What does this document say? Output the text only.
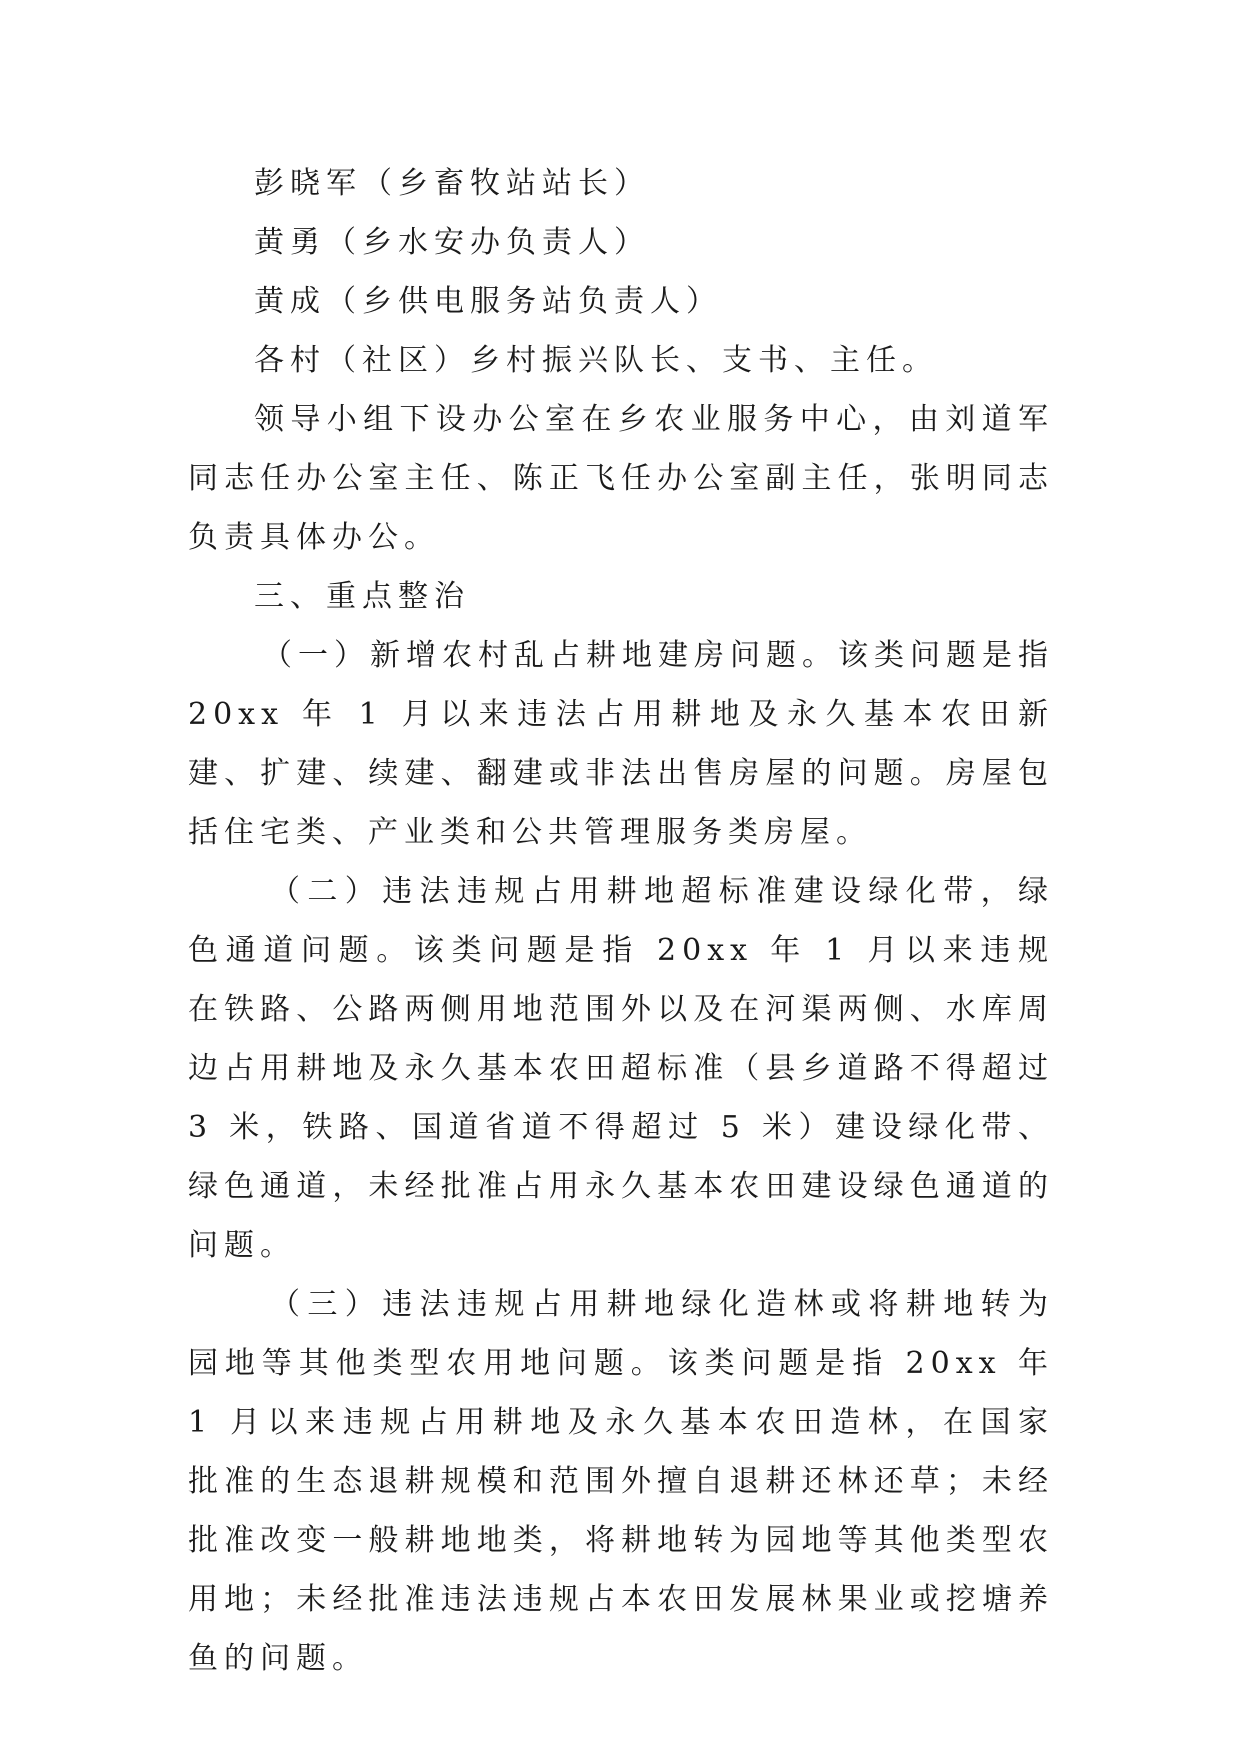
彭晓军（乡畜牧站站长）

黄勇（乡水安办负责人）

黄成（乡供电服务站负责人）

各村（社区）乡村振兴队长、支书、主任。

领导小组下设办公室在乡农业服务中心，由刘道军同志任办公室主任、陈正飞任办公室副主任，张明同志负责具体办公。

三、重点整治

（一）新增农村乱占耕地建房问题。该类问题是指 20xx 年 1 月以来违法占用耕地及永久基本农田新建、扩建、续建、翻建或非法出售房屋的问题。房屋包括住宅类、产业类和公共管理服务类房屋。

（二）违法违规占用耕地超标准建设绿化带，绿色通道问题。该类问题是指 20xx 年 1 月以来违规在铁路、公路两侧用地范围外以及在河渠两侧、水库周边占用耕地及永久基本农田超标准（县乡道路不得超过 3 米，铁路、国道省道不得超过 5 米）建设绿化带、绿色通道，未经批准占用永久基本农田建设绿色通道的问题。

（三）违法违规占用耕地绿化造林或将耕地转为园地等其他类型农用地问题。该类问题是指 20xx 年 1 月以来违规占用耕地及永久基本农田造林，在国家批准的生态退耕规模和范围外擅自退耕还林还草；未经批准改变一般耕地地类，将耕地转为园地等其他类型农用地；未经批准违法违规占本农田发展林果业或挖塘养鱼的问题。
